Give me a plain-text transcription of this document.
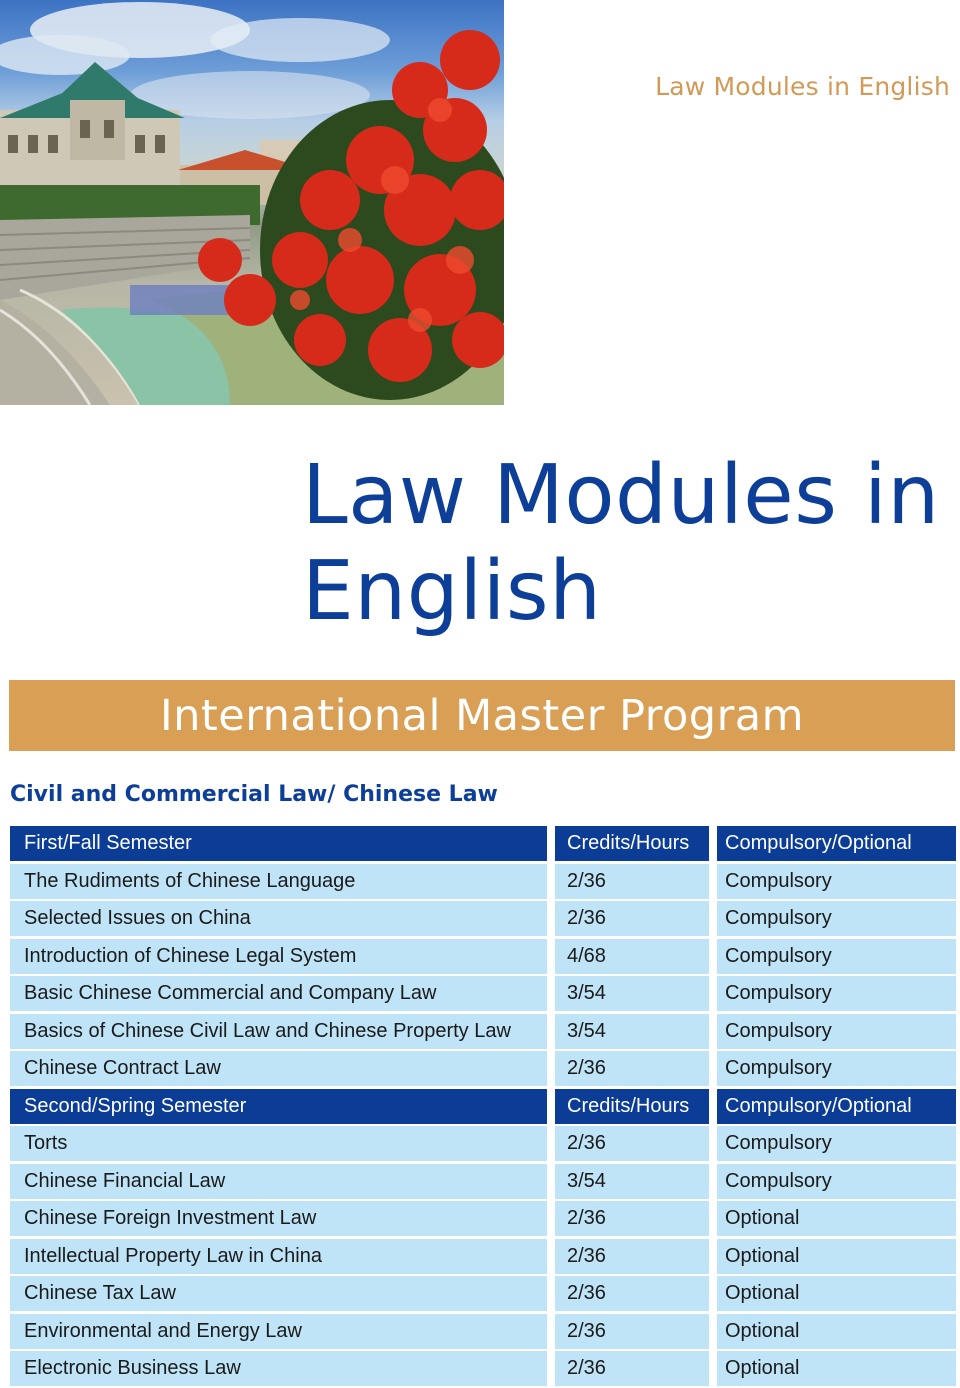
Law Modules in English
Law Modules in
English
International Master Program
Civil and Commercial Law/ Chinese Law
First/Fall Semester	Credits/Hours	Compulsory/Optional
The Rudiments of Chinese Language	2/36	Compulsory
Selected Issues on China	2/36	Compulsory
Introduction of Chinese Legal System	4/68	Compulsory
Basic Chinese Commercial and Company Law	3/54	Compulsory
Basics of Chinese Civil Law and Chinese Property Law	3/54	Compulsory
Chinese Contract Law	2/36	Compulsory
Second/Spring Semester	Credits/Hours	Compulsory/Optional
Torts	2/36	Compulsory
Chinese Financial Law	3/54	Compulsory
Chinese Foreign Investment Law	2/36	Optional
Intellectual Property Law in China	2/36	Optional
Chinese Tax Law	2/36	Optional
Environmental and Energy Law	2/36	Optional
Electronic Business Law	2/36	Optional
